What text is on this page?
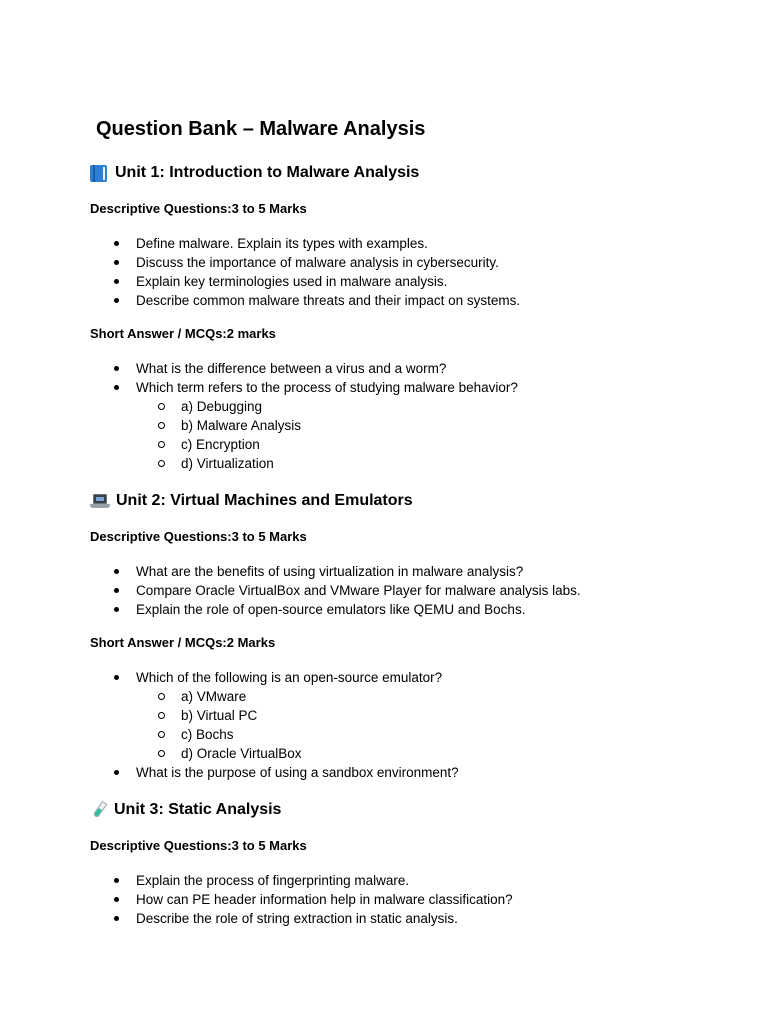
Question Bank – Malware Analysis
Unit 1: Introduction to Malware Analysis
Descriptive Questions:3 to 5 Marks
Define malware. Explain its types with examples.
Discuss the importance of malware analysis in cybersecurity.
Explain key terminologies used in malware analysis.
Describe common malware threats and their impact on systems.
Short Answer / MCQs:2 marks
What is the difference between a virus and a worm?
Which term refers to the process of studying malware behavior?
a) Debugging
b) Malware Analysis
c) Encryption
d) Virtualization
Unit 2: Virtual Machines and Emulators
Descriptive Questions:3 to 5 Marks
What are the benefits of using virtualization in malware analysis?
Compare Oracle VirtualBox and VMware Player for malware analysis labs.
Explain the role of open-source emulators like QEMU and Bochs.
Short Answer / MCQs:2 Marks
Which of the following is an open-source emulator?
a) VMware
b) Virtual PC
c) Bochs
d) Oracle VirtualBox
What is the purpose of using a sandbox environment?
Unit 3: Static Analysis
Descriptive Questions:3 to 5 Marks
Explain the process of fingerprinting malware.
How can PE header information help in malware classification?
Describe the role of string extraction in static analysis.
